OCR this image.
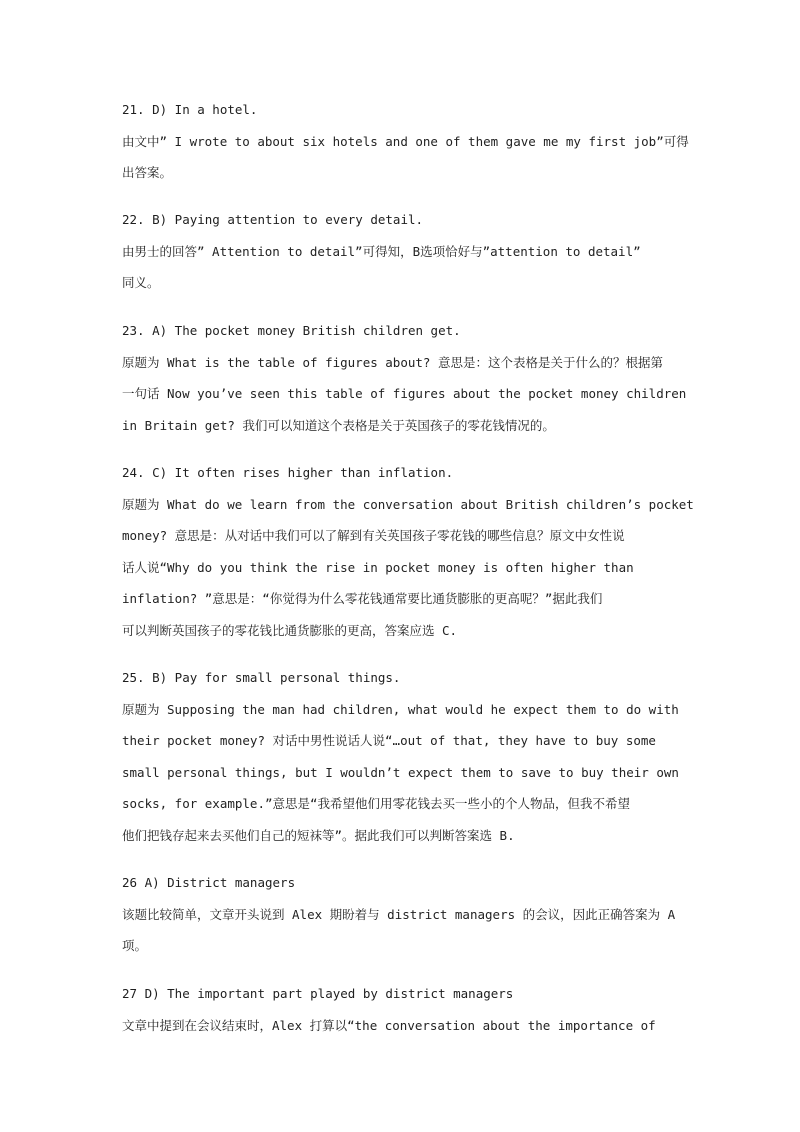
21. D) In a hotel.
由文中” I wrote to about six hotels and one of them gave me my first job”可得
出答案。
22. B) Paying attention to every detail.
由男士的回答” Attention to detail”可得知，B选项恰好与”attention to detail”
同义。
23. A) The pocket money British children get.
原题为 What is the table of figures about? 意思是：这个表格是关于什么的？根据第
一句话 Now you’ve seen this table of figures about the pocket money children
in Britain get? 我们可以知道这个表格是关于英国孩子的零花钱情况的。
24. C) It often rises higher than inflation.
原题为 What do we learn from the conversation about British children’s pocket
money? 意思是：从对话中我们可以了解到有关英国孩子零花钱的哪些信息？原文中女性说
话人说“Why do you think the rise in pocket money is often higher than
inflation? ”意思是：“你觉得为什么零花钱通常要比通货膨胀的更高呢？”据此我们
可以判断英国孩子的零花钱比通货膨胀的更高，答案应选 C.
25. B) Pay for small personal things.
原题为 Supposing the man had children, what would he expect them to do with
their pocket money? 对话中男性说话人说“…out of that, they have to buy some
small personal things, but I wouldn’t expect them to save to buy their own
socks, for example.”意思是“我希望他们用零花钱去买一些小的个人物品，但我不希望
他们把钱存起来去买他们自己的短袜等”。据此我们可以判断答案选 B.
26 A) District managers
该题比较简单，文章开头说到 Alex 期盼着与 district managers 的会议，因此正确答案为 A
项。
27 D) The important part played by district managers
文章中提到在会议结束时，Alex 打算以“the conversation about the importance of
